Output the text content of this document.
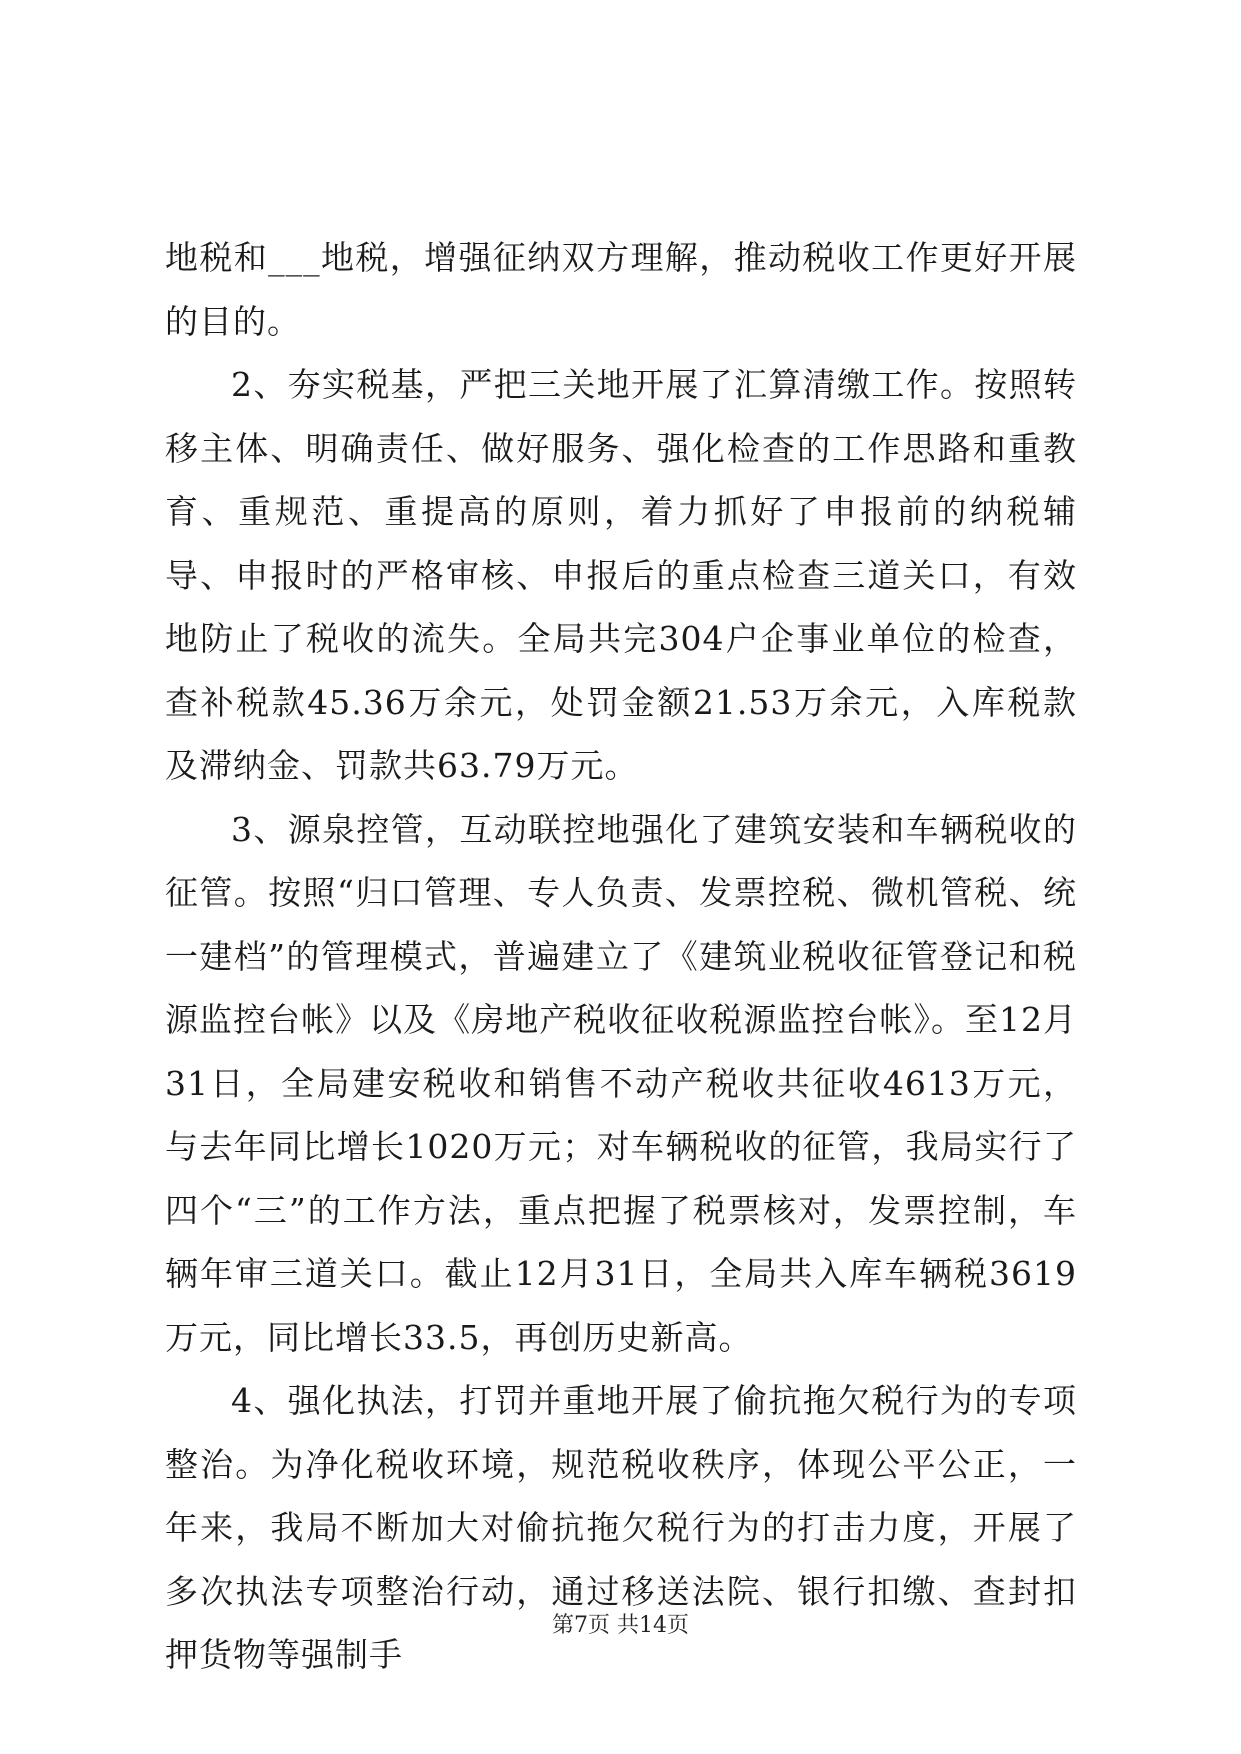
地税和___地税，增强征纳双方理解，推动税收工作更好开展的目的。

2、夯实税基，严把三关地开展了汇算清缴工作。按照转移主体、明确责任、做好服务、强化检查的工作思路和重教育、重规范、重提高的原则，着力抓好了申报前的纳税辅导、申报时的严格审核、申报后的重点检查三道关口，有效地防止了税收的流失。全局共完304户企事业单位的检查，查补税款45.36万余元，处罚金额21.53万余元，入库税款及滞纳金、罚款共63.79万元。

3、源泉控管，互动联控地强化了建筑安装和车辆税收的征管。按照“归口管理、专人负责、发票控税、微机管税、统一建档”的管理模式，普遍建立了《建筑业税收征管登记和税源监控台帐》以及《房地产税收征收税源监控台帐》。至12月31日，全局建安税收和销售不动产税收共征收4613万元，与去年同比增长1020万元；对车辆税收的征管，我局实行了四个“三”的工作方法，重点把握了税票核对，发票控制，车辆年审三道关口。截止12月31日，全局共入库车辆税3619万元，同比增长33.5，再创历史新高。

4、强化执法，打罚并重地开展了偷抗拖欠税行为的专项整治。为净化税收环境，规范税收秩序，体现公平公正，一年来，我局不断加大对偷抗拖欠税行为的打击力度，开展了多次执法专项整治行动，通过移送法院、银行扣缴、查封扣押货物等强制手

第7页 共14页
